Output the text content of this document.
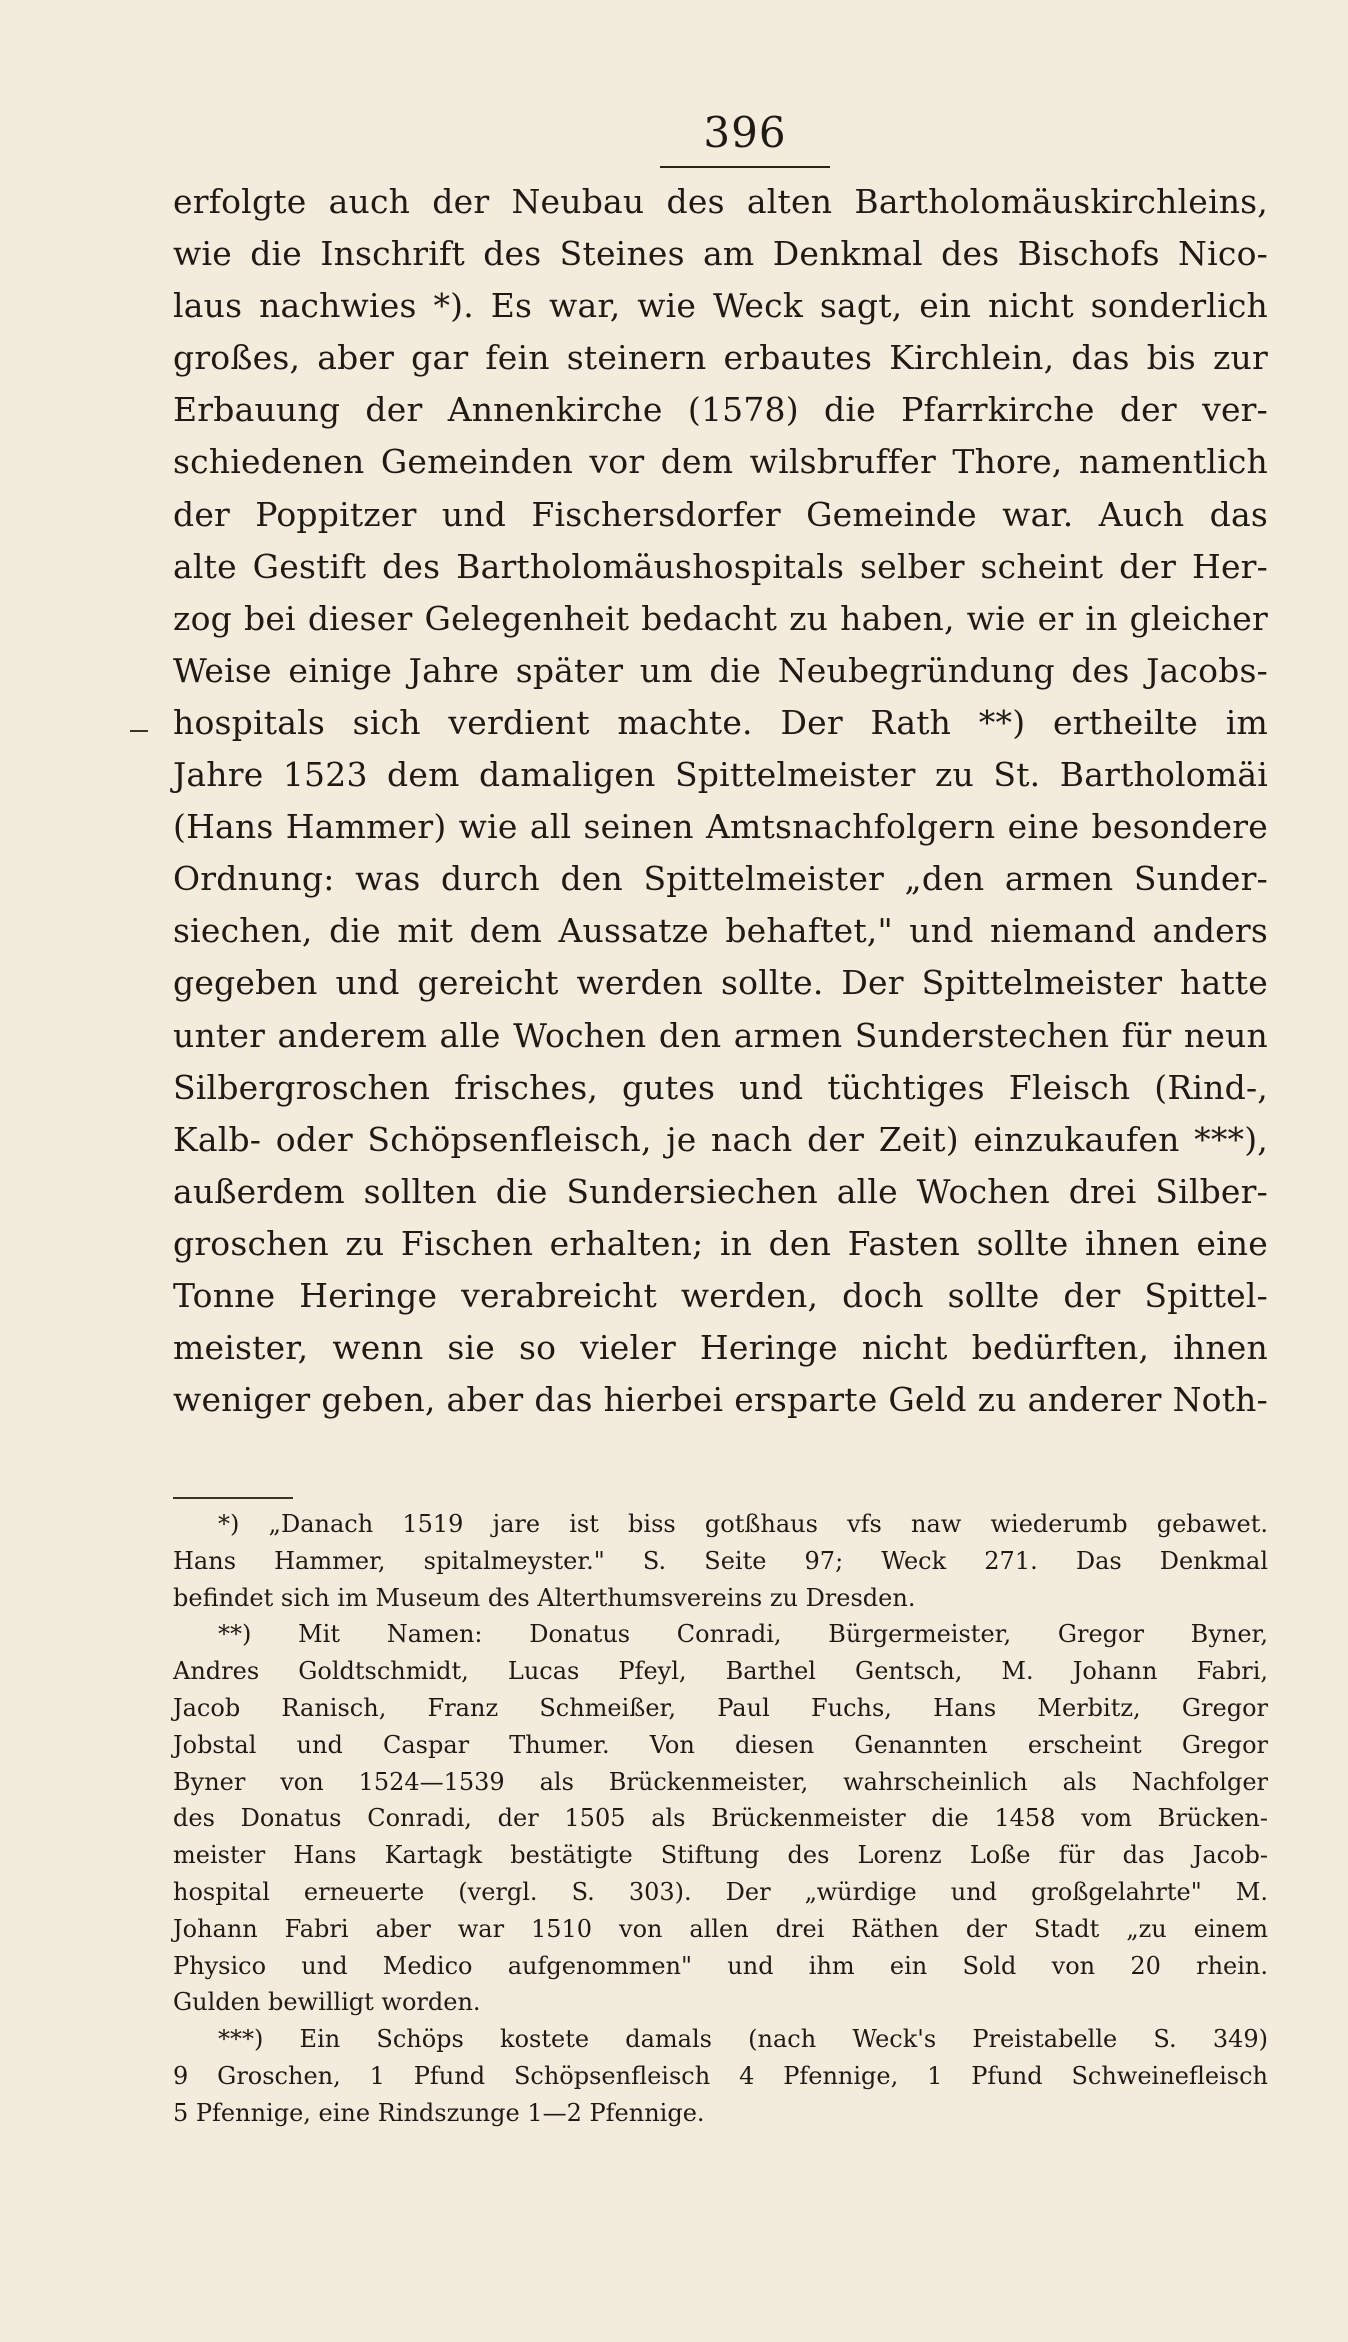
396
erfolgte auch der Neubau des alten Bartholomäuskirchleins,
wie die Inschrift des Steines am Denkmal des Bischofs Nico-
laus nachwies *). Es war, wie Weck sagt, ein nicht sonderlich
großes, aber gar fein steinern erbautes Kirchlein, das bis zur
Erbauung der Annenkirche (1578) die Pfarrkirche der ver-
schiedenen Gemeinden vor dem wilsbruffer Thore, namentlich
der Poppitzer und Fischersdorfer Gemeinde war. Auch das
alte Gestift des Bartholomäushospitals selber scheint der Her-
zog bei dieser Gelegenheit bedacht zu haben, wie er in gleicher
Weise einige Jahre später um die Neubegründung des Jacobs-
hospitals sich verdient machte. Der Rath **) ertheilte im
Jahre 1523 dem damaligen Spittelmeister zu St. Bartholomäi
(Hans Hammer) wie all seinen Amtsnachfolgern eine besondere
Ordnung: was durch den Spittelmeister „den armen Sunder-
siechen, die mit dem Aussatze behaftet," und niemand anders
gegeben und gereicht werden sollte. Der Spittelmeister hatte
unter anderem alle Wochen den armen Sunderstechen für neun
Silbergroschen frisches, gutes und tüchtiges Fleisch (Rind-,
Kalb- oder Schöpsenfleisch, je nach der Zeit) einzukaufen ***),
außerdem sollten die Sundersiechen alle Wochen drei Silber-
groschen zu Fischen erhalten; in den Fasten sollte ihnen eine
Tonne Heringe verabreicht werden, doch sollte der Spittel-
meister, wenn sie so vieler Heringe nicht bedürften, ihnen
weniger geben, aber das hierbei ersparte Geld zu anderer Noth-
*) „Danach 1519 jare ist biss gotßhaus vfs naw wiederumb gebawet.
Hans Hammer, spitalmeyster." S. Seite 97; Weck 271. Das Denkmal
befindet sich im Museum des Alterthumsvereins zu Dresden.
**) Mit Namen: Donatus Conradi, Bürgermeister, Gregor Byner,
Andres Goldtschmidt, Lucas Pfeyl, Barthel Gentsch, M. Johann Fabri,
Jacob Ranisch, Franz Schmeißer, Paul Fuchs, Hans Merbitz, Gregor
Jobstal und Caspar Thumer. Von diesen Genannten erscheint Gregor
Byner von 1524—1539 als Brückenmeister, wahrscheinlich als Nachfolger
des Donatus Conradi, der 1505 als Brückenmeister die 1458 vom Brücken-
meister Hans Kartagk bestätigte Stiftung des Lorenz Loße für das Jacob-
hospital erneuerte (vergl. S. 303). Der „würdige und großgelahrte" M.
Johann Fabri aber war 1510 von allen drei Räthen der Stadt „zu einem
Physico und Medico aufgenommen" und ihm ein Sold von 20 rhein.
Gulden bewilligt worden.
***) Ein Schöps kostete damals (nach Weck's Preistabelle S. 349)
9 Groschen, 1 Pfund Schöpsenfleisch 4 Pfennige, 1 Pfund Schweinefleisch
5 Pfennige, eine Rindszunge 1—2 Pfennige.
